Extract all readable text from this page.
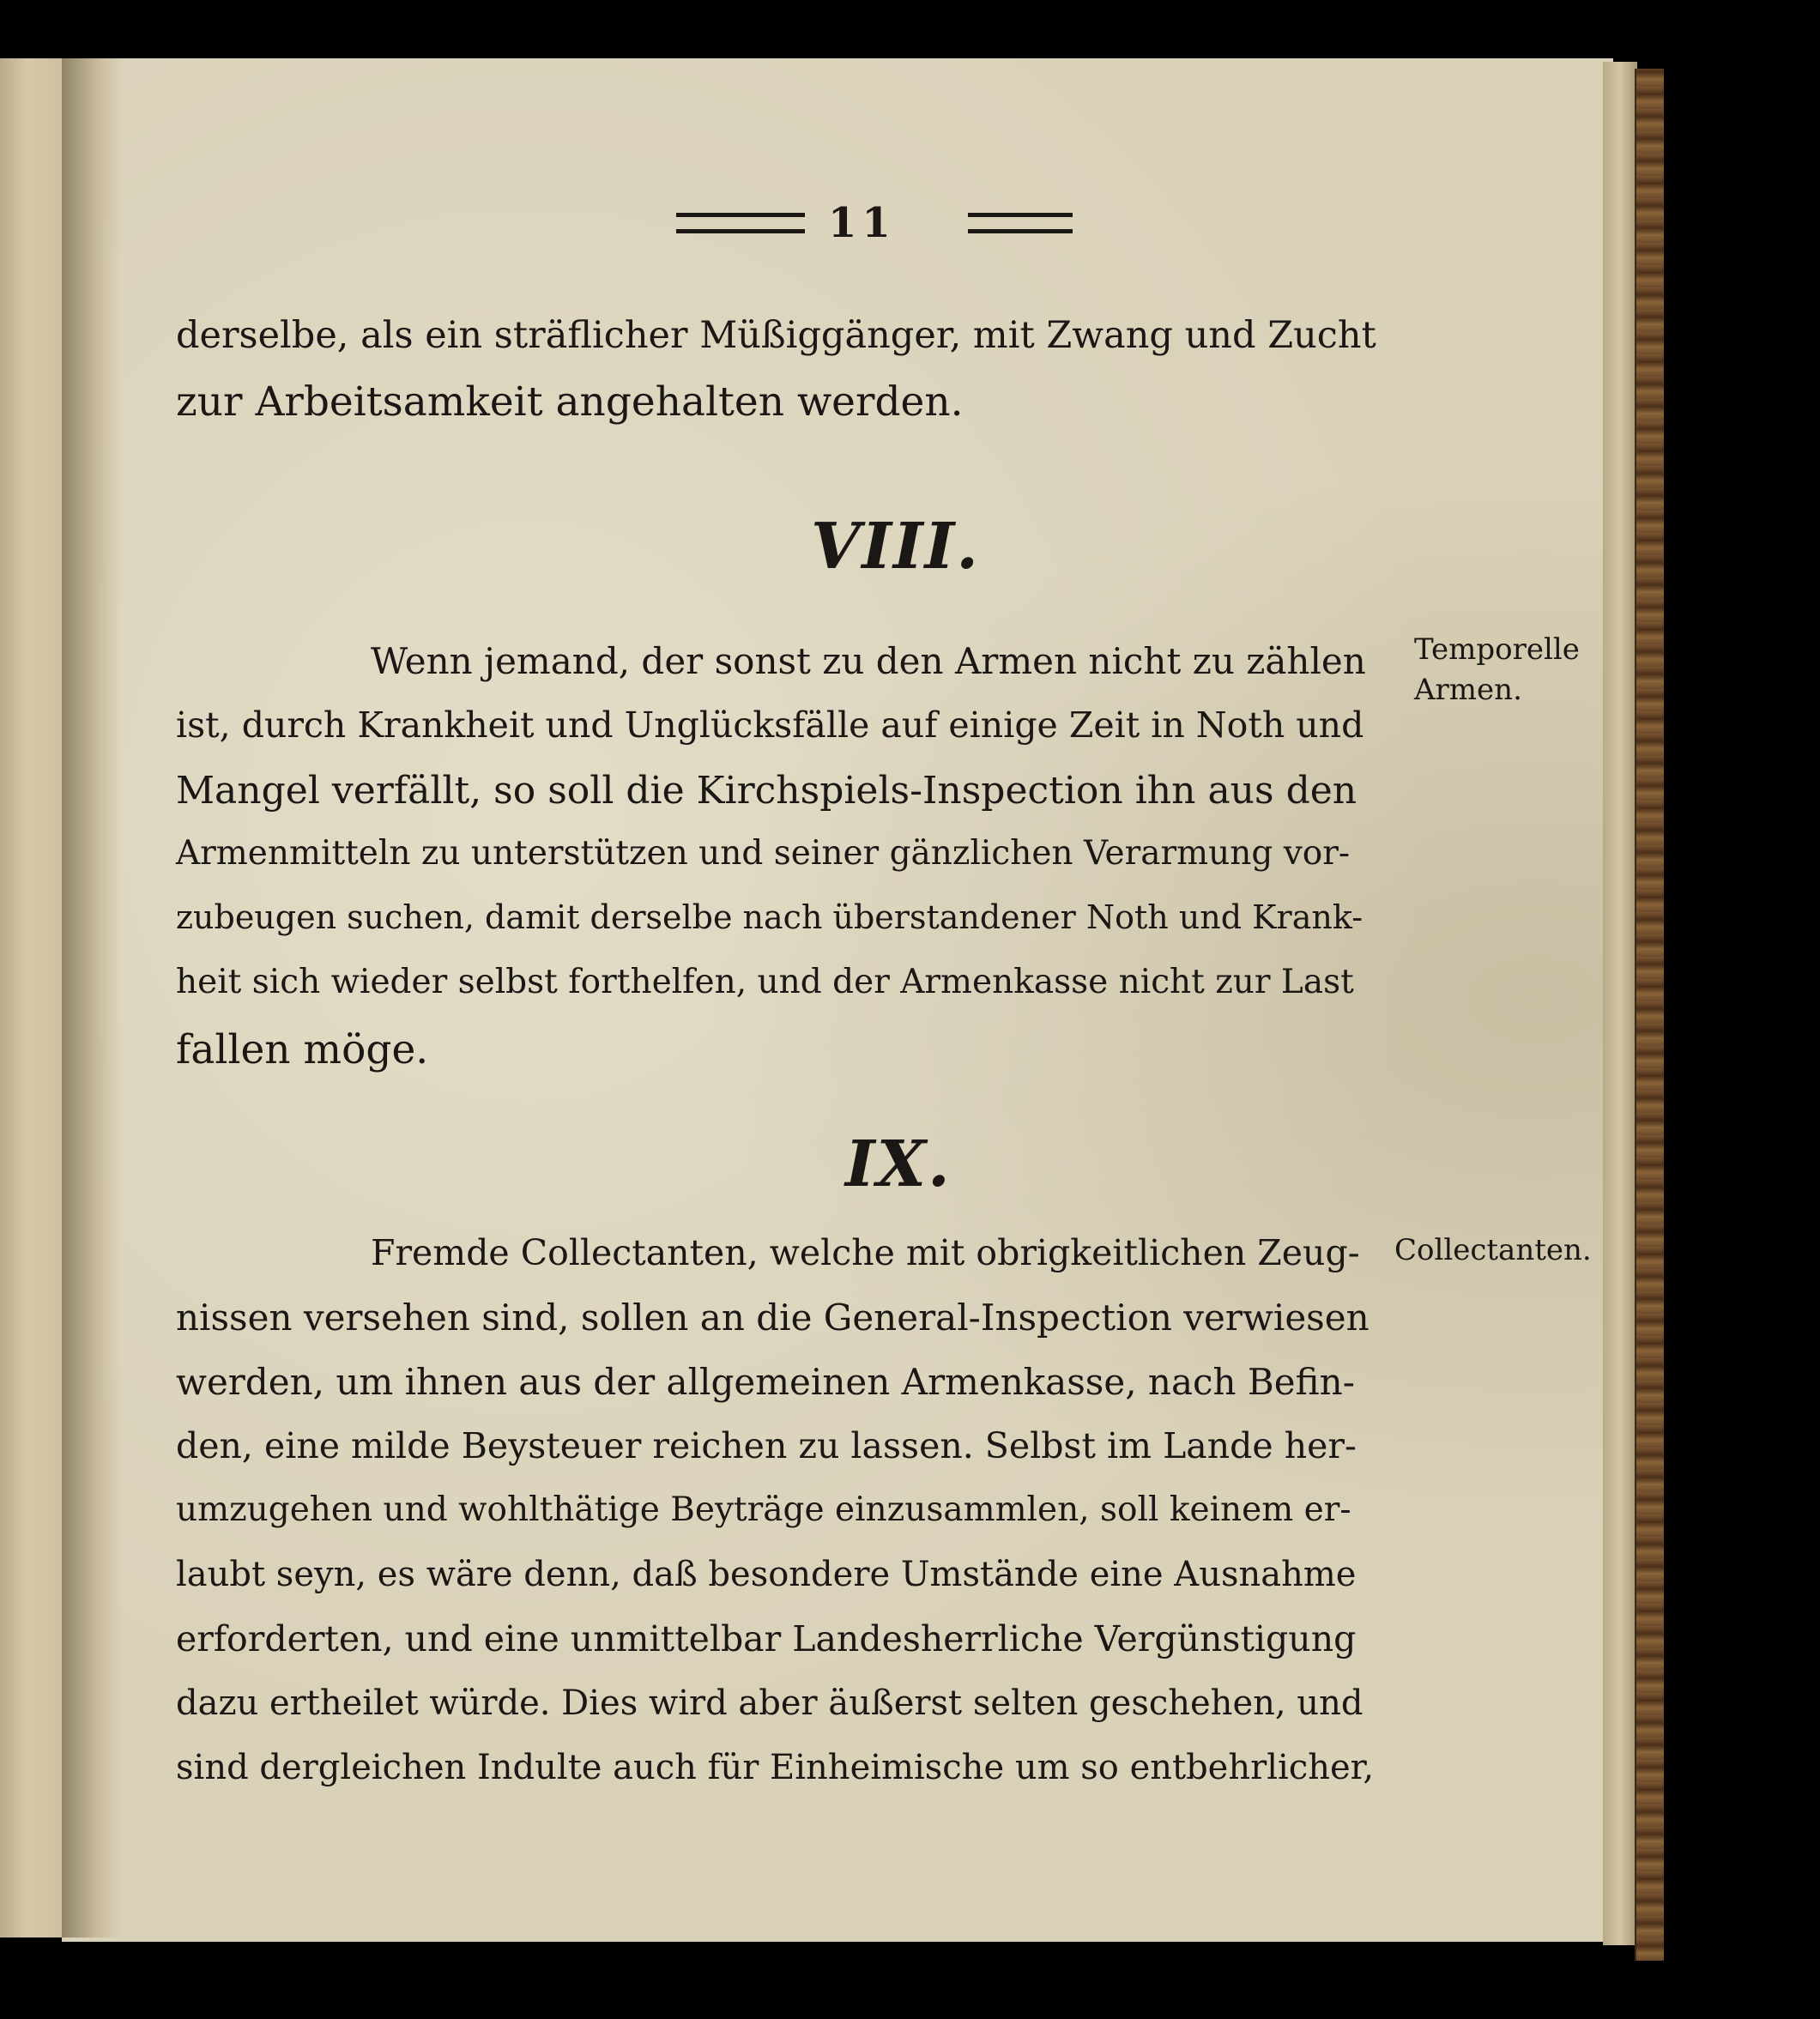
11
derselbe, als ein sträflicher Müßiggänger, mit Zwang und Zucht
zur Arbeitsamkeit angehalten werden.
VIII.
Temporelle
Armen.
Wenn jemand, der sonst zu den Armen nicht zu zählen
ist, durch Krankheit und Unglücksfälle auf einige Zeit in Noth und
Mangel verfällt, so soll die Kirchspiels-Inspection ihn aus den
Armenmitteln zu unterstützen und seiner gänzlichen Verarmung vor-
zubeugen suchen, damit derselbe nach überstandener Noth und Krank-
heit sich wieder selbst forthelfen, und der Armenkasse nicht zur Last
fallen möge.
IX.
Collectanten.
Fremde Collectanten, welche mit obrigkeitlichen Zeug-
nissen versehen sind, sollen an die General-Inspection verwiesen
werden, um ihnen aus der allgemeinen Armenkasse, nach Befin-
den, eine milde Beysteuer reichen zu lassen. Selbst im Lande her-
umzugehen und wohlthätige Beyträge einzusammlen, soll keinem er-
laubt seyn, es wäre denn, daß besondere Umstände eine Ausnahme
erforderten, und eine unmittelbar Landesherrliche Vergünstigung
dazu ertheilet würde. Dies wird aber äußerst selten geschehen, und
sind dergleichen Indulte auch für Einheimische um so entbehrlicher,
